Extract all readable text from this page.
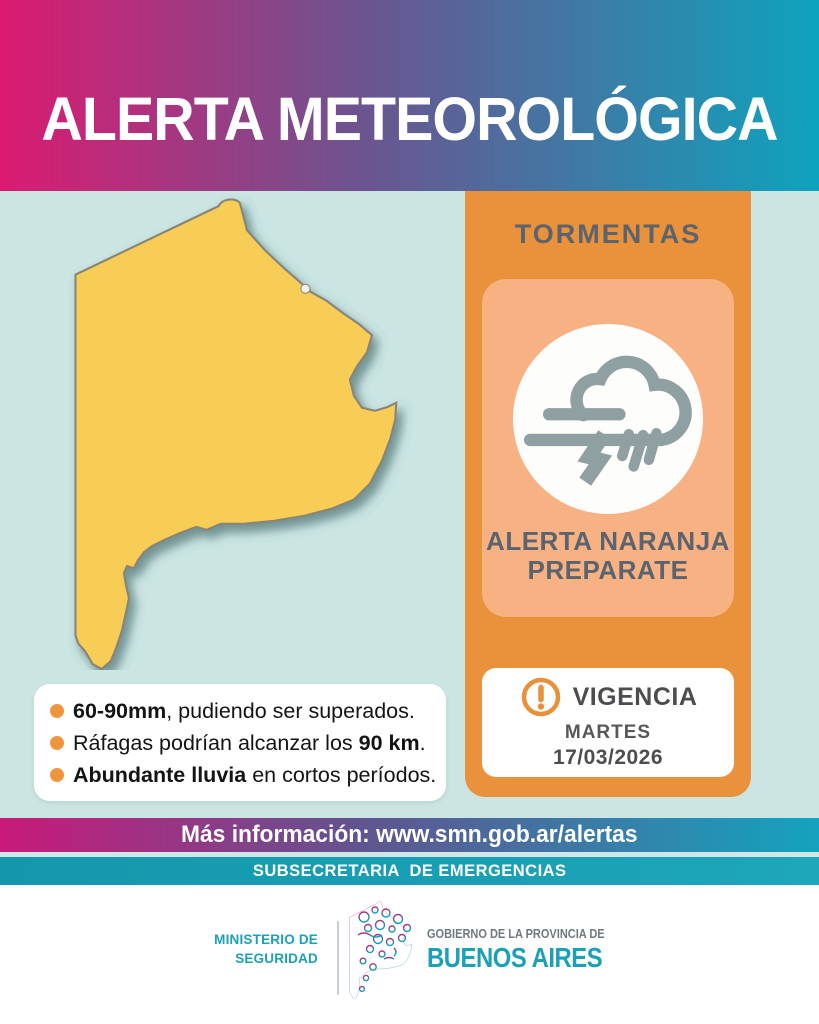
ALERTA METEOROLÓGICA
TORMENTAS
ALERTA NARANJA
PREPARATE
VIGENCIA
MARTES
17/03/2026

60-90mm, pudiendo ser superados.

Ráfagas podrían alcanzar los 90 km.

Abundante lluvia en cortos períodos.

Más información: www.smn.gob.ar/alertas
SUBSECRETARIA  DE EMERGENCIAS
MINISTERIO DE
SEGURIDAD
GOBIERNO DE LA PROVINCIA DE
BUENOS AIRES
